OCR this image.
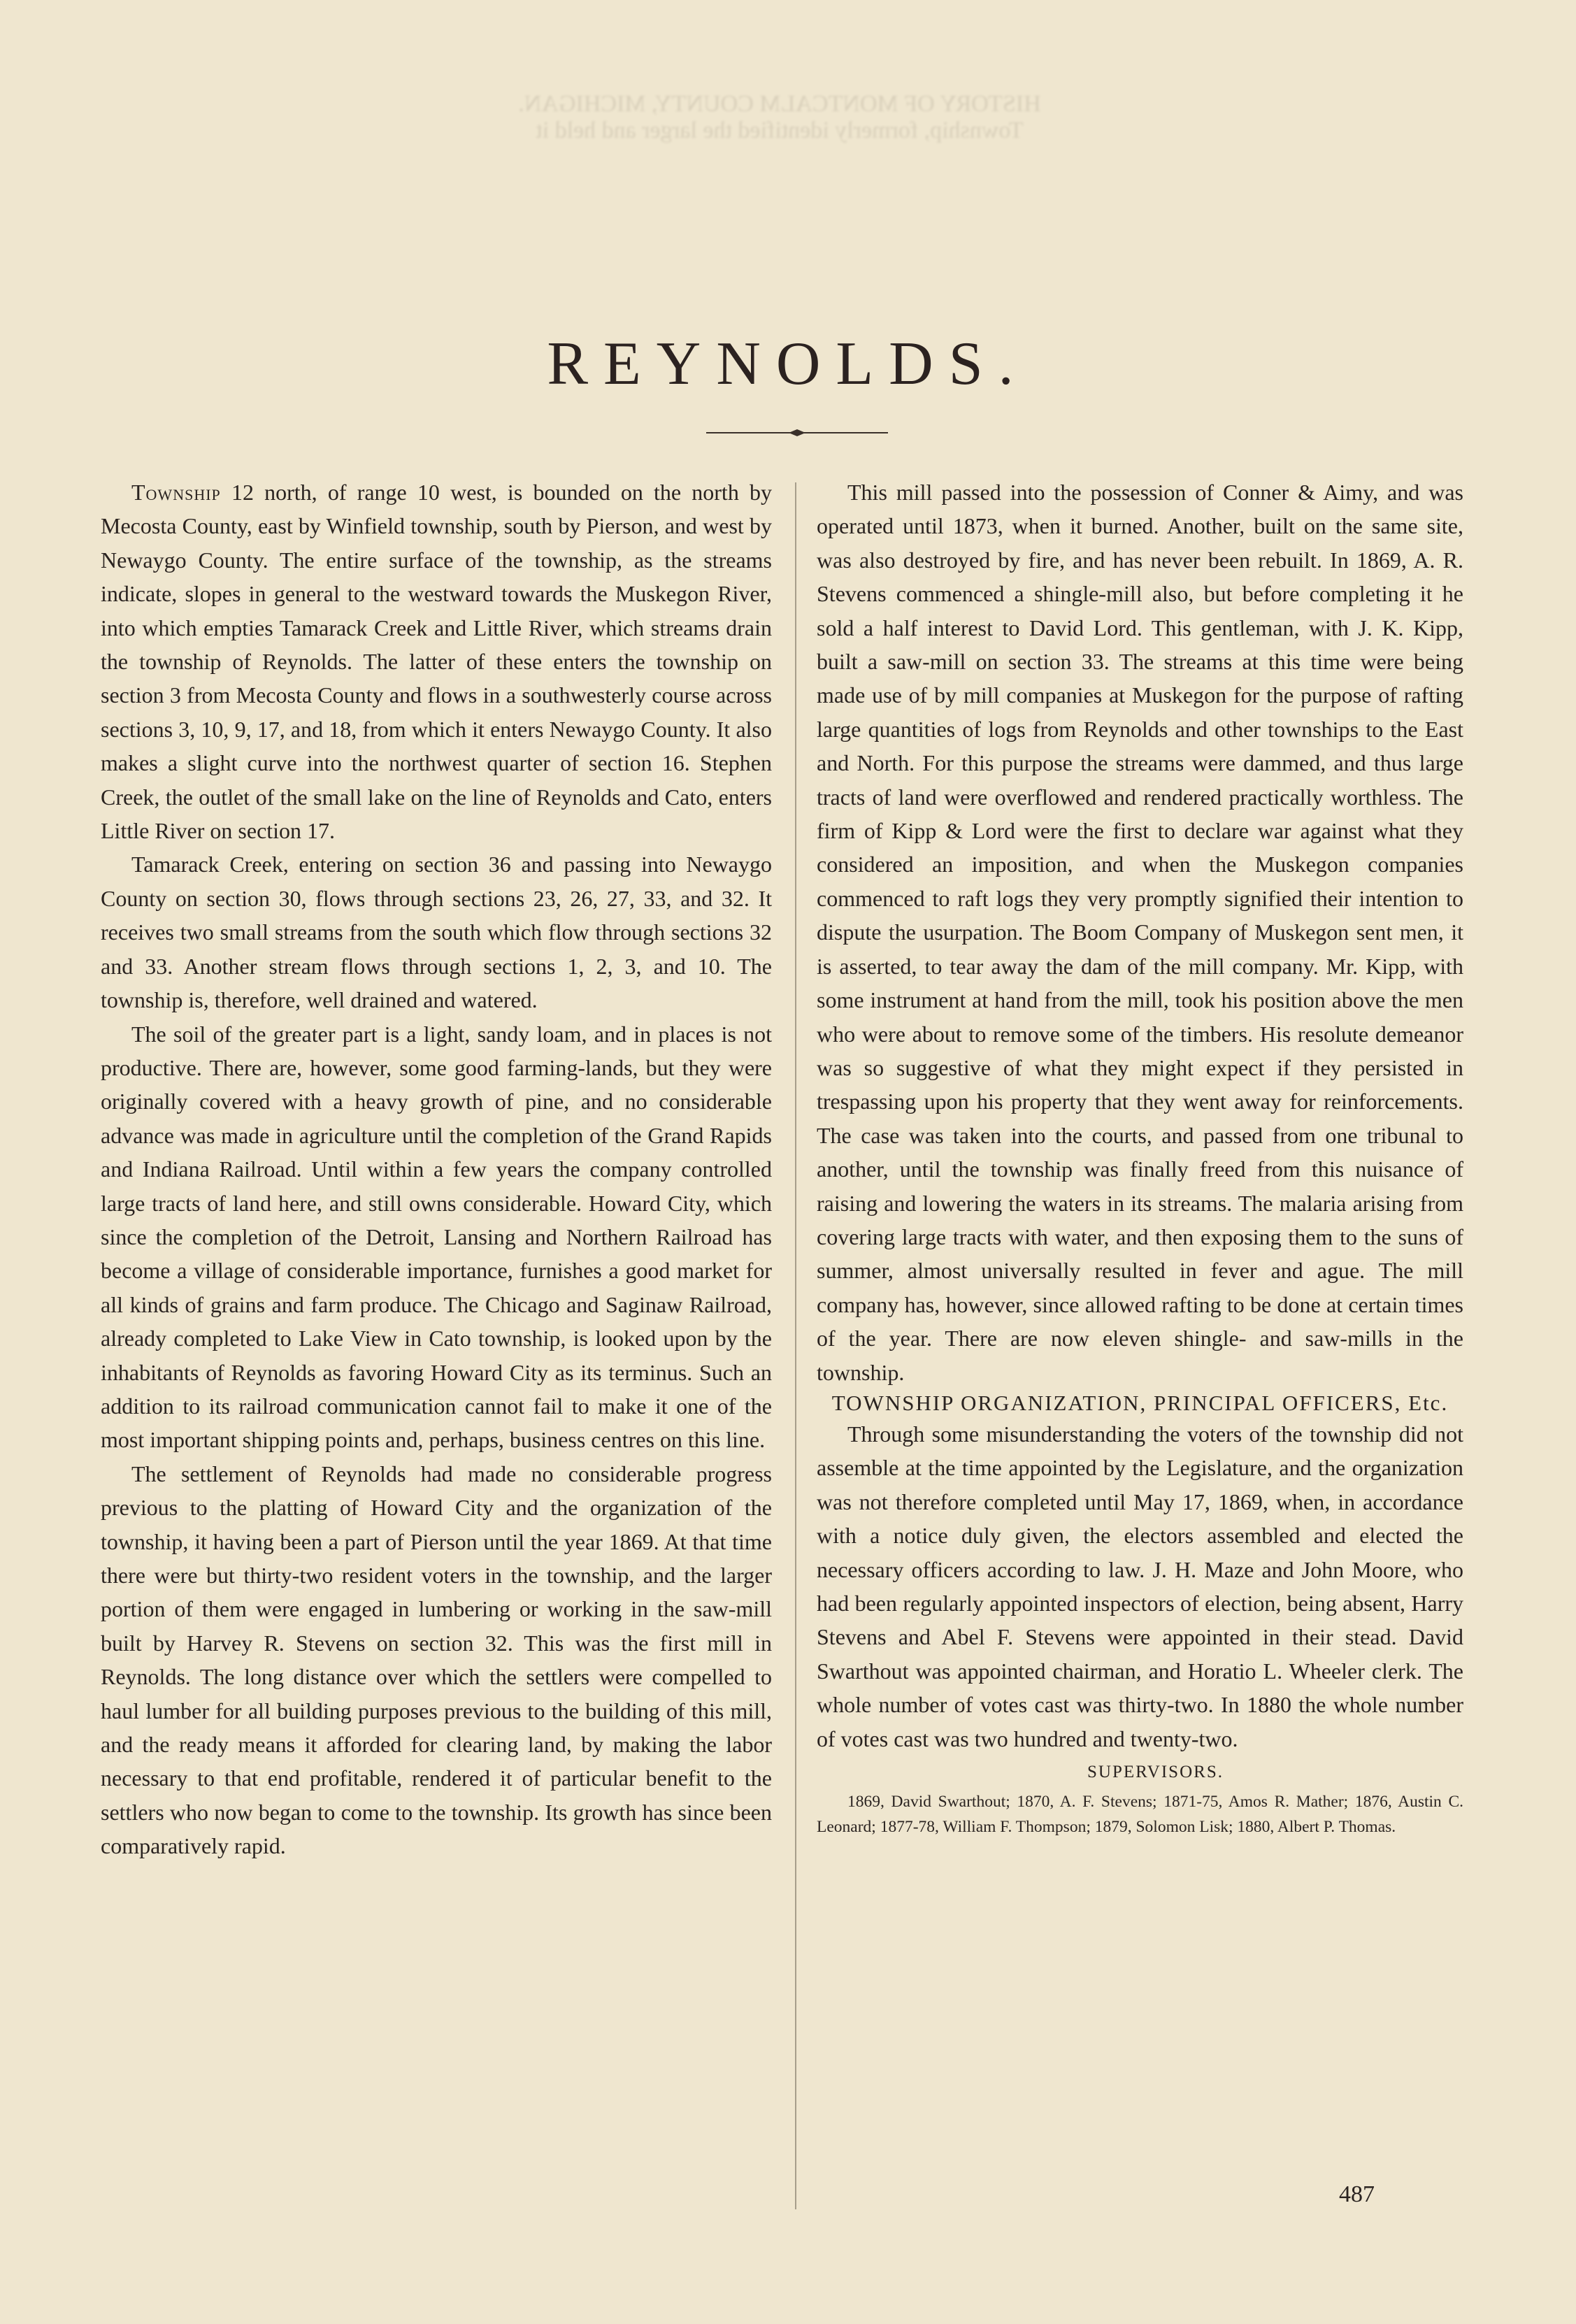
HISTORY OF MONTCALM COUNTY, MICHIGAN.
Township, formerly identified the larger and held it
REYNOLDS.

Township 12 north, of range 10 west, is bounded on the north by Mecosta County, east by Winfield township, south by Pierson, and west by Newaygo County. The entire surface of the township, as the streams indicate, slopes in general to the westward towards the Muskegon River, into which empties Tamarack Creek and Little River, which streams drain the township of Reynolds. The latter of these enters the township on section 3 from Mecosta County and flows in a southwesterly course across sections 3, 10, 9, 17, and 18, from which it enters Newaygo County. It also makes a slight curve into the northwest quarter of section 16. Stephen Creek, the outlet of the small lake on the line of Reynolds and Cato, enters Little River on section 17.

Tamarack Creek, entering on section 36 and passing into Newaygo County on section 30, flows through sections 23, 26, 27, 33, and 32. It receives two small streams from the south which flow through sections 32 and 33. Another stream flows through sections 1, 2, 3, and 10. The township is, therefore, well drained and watered.

The soil of the greater part is a light, sandy loam, and in places is not productive. There are, however, some good farming-lands, but they were originally covered with a heavy growth of pine, and no considerable advance was made in agriculture until the completion of the Grand Rapids and Indiana Railroad. Until within a few years the company controlled large tracts of land here, and still owns considerable. Howard City, which since the completion of the Detroit, Lansing and Northern Railroad has become a village of considerable importance, furnishes a good market for all kinds of grains and farm produce. The Chicago and Saginaw Railroad, already completed to Lake View in Cato township, is looked upon by the inhabitants of Reynolds as favoring Howard City as its terminus. Such an addition to its railroad communication cannot fail to make it one of the most important shipping points and, perhaps, business centres on this line.

The settlement of Reynolds had made no considerable progress previous to the platting of Howard City and the organization of the township, it having been a part of Pierson until the year 1869. At that time there were but thirty-two resident voters in the township, and the larger portion of them were engaged in lumbering or working in the saw-mill built by Harvey R. Stevens on section 32. This was the first mill in Reynolds. The long distance over which the settlers were compelled to haul lumber for all building purposes previous to the building of this mill, and the ready means it afforded for clearing land, by making the labor necessary to that end profitable, rendered it of particular benefit to the settlers who now began to come to the township. Its growth has since been comparatively rapid.

This mill passed into the possession of Conner & Aimy, and was operated until 1873, when it burned. Another, built on the same site, was also destroyed by fire, and has never been rebuilt. In 1869, A. R. Stevens commenced a shingle-mill also, but before completing it he sold a half interest to David Lord. This gentleman, with J. K. Kipp, built a saw-mill on section 33. The streams at this time were being made use of by mill companies at Muskegon for the purpose of rafting large quantities of logs from Reynolds and other townships to the East and North. For this purpose the streams were dammed, and thus large tracts of land were overflowed and rendered practically worthless. The firm of Kipp & Lord were the first to declare war against what they considered an imposition, and when the Muskegon companies commenced to raft logs they very promptly signified their intention to dispute the usurpation. The Boom Company of Muskegon sent men, it is asserted, to tear away the dam of the mill company. Mr. Kipp, with some instrument at hand from the mill, took his position above the men who were about to remove some of the timbers. His resolute demeanor was so suggestive of what they might expect if they persisted in trespassing upon his property that they went away for reinforcements. The case was taken into the courts, and passed from one tribunal to another, until the township was finally freed from this nuisance of raising and lowering the waters in its streams. The malaria arising from covering large tracts with water, and then exposing them to the suns of summer, almost universally resulted in fever and ague. The mill company has, however, since allowed rafting to be done at certain times of the year. There are now eleven shingle- and saw-mills in the township.

TOWNSHIP ORGANIZATION, PRINCIPAL OFFICERS, Etc.

Through some misunderstanding the voters of the township did not assemble at the time appointed by the Legislature, and the organization was not therefore completed until May 17, 1869, when, in accordance with a notice duly given, the electors assembled and elected the necessary officers according to law. J. H. Maze and John Moore, who had been regularly appointed inspectors of election, being absent, Harry Stevens and Abel F. Stevens were appointed in their stead. David Swarthout was appointed chairman, and Horatio L. Wheeler clerk. The whole number of votes cast was thirty-two. In 1880 the whole number of votes cast was two hundred and twenty-two.

SUPERVISORS.

1869, David Swarthout; 1870, A. F. Stevens; 1871-75, Amos R. Mather; 1876, Austin C. Leonard; 1877-78, William F. Thompson; 1879, Solomon Lisk; 1880, Albert P. Thomas.

487
